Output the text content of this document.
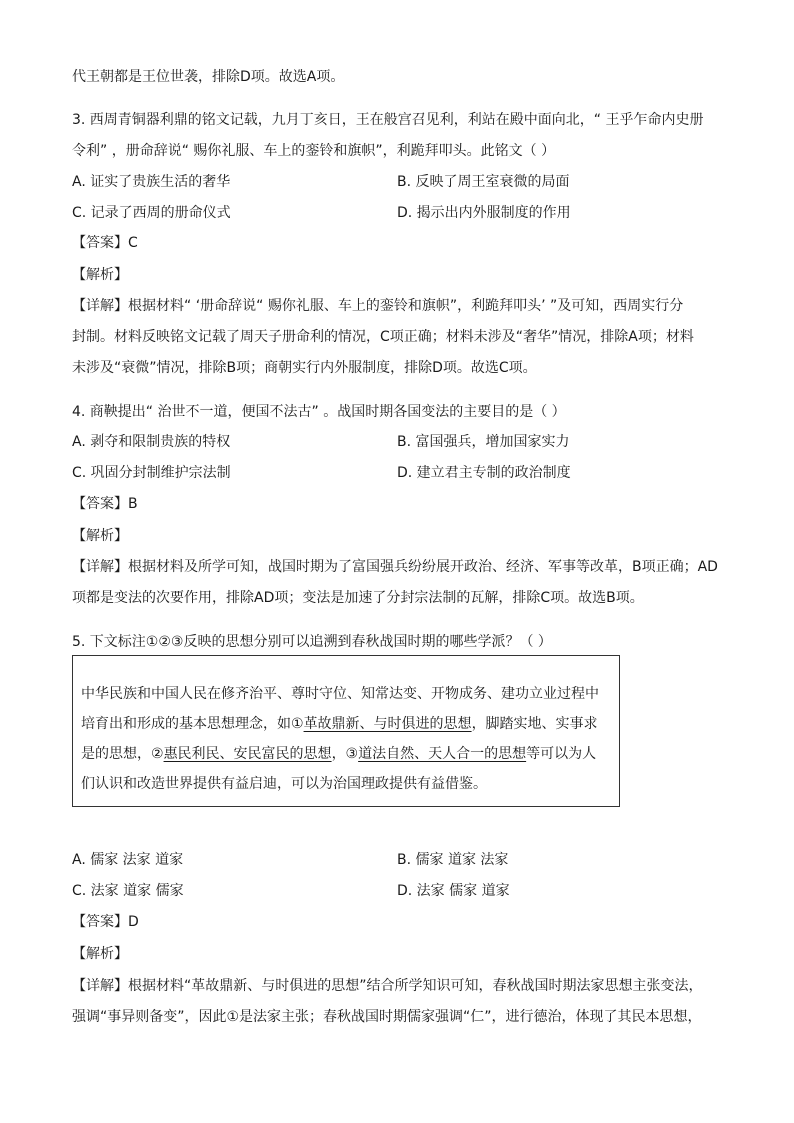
代王朝都是王位世袭，排除D项。故选A项。
3. 西周青铜器利鼎的铭文记载，九月丁亥日，王在般宫召见利，利站在殿中面向北，“ 王乎乍命内史册
令利” ，册命辞说“ 赐你礼服、车上的銮铃和旗帜”，利跪拜叩头。此铭文（ ）
A. 证实了贵族生活的奢华	B. 反映了周王室衰微的局面
C. 记录了西周的册命仪式	D. 揭示出内外服制度的作用
【答案】C
【解析】
【详解】根据材料“ ‘册命辞说“ 赐你礼服、车上的銮铃和旗帜”，利跪拜叩头’ ”及可知，西周实行分
封制。材料反映铭文记载了周天子册命利的情况，C项正确；材料未涉及“奢华”情况，排除A项；材料
未涉及“衰微”情况，排除B项；商朝实行内外服制度，排除D项。故选C项。
4. 商鞅提出“ 治世不一道，便国不法古” 。战国时期各国变法的主要目的是（ ）
A. 剥夺和限制贵族的特权	B. 富国强兵，增加国家实力
C. 巩固分封制维护宗法制	D. 建立君主专制的政治制度
【答案】B
【解析】
【详解】根据材料及所学可知，战国时期为了富国强兵纷纷展开政治、经济、军事等改革，B项正确；AD
项都是变法的次要作用，排除AD项；变法是加速了分封宗法制的瓦解，排除C项。故选B项。
5. 下文标注①②③反映的思想分别可以追溯到春秋战国时期的哪些学派？（ ）
中华民族和中国人民在修齐治平、尊时守位、知常达变、开物成务、建功立业过程中
培育出和形成的基本思想理念，如①革故鼎新、与时俱进的思想，脚踏实地、实事求
是的思想，②惠民利民、安民富民的思想，③道法自然、天人合一的思想等可以为人
们认识和改造世界提供有益启迪，可以为治国理政提供有益借鉴。
A. 儒家 法家 道家	B. 儒家 道家 法家
C. 法家 道家 儒家	D. 法家 儒家 道家
【答案】D
【解析】
【详解】根据材料“革故鼎新、与时俱进的思想”结合所学知识可知，春秋战国时期法家思想主张变法，
强调“事异则备变”，因此①是法家主张；春秋战国时期儒家强调“仁”，进行德治，体现了其民本思想，
